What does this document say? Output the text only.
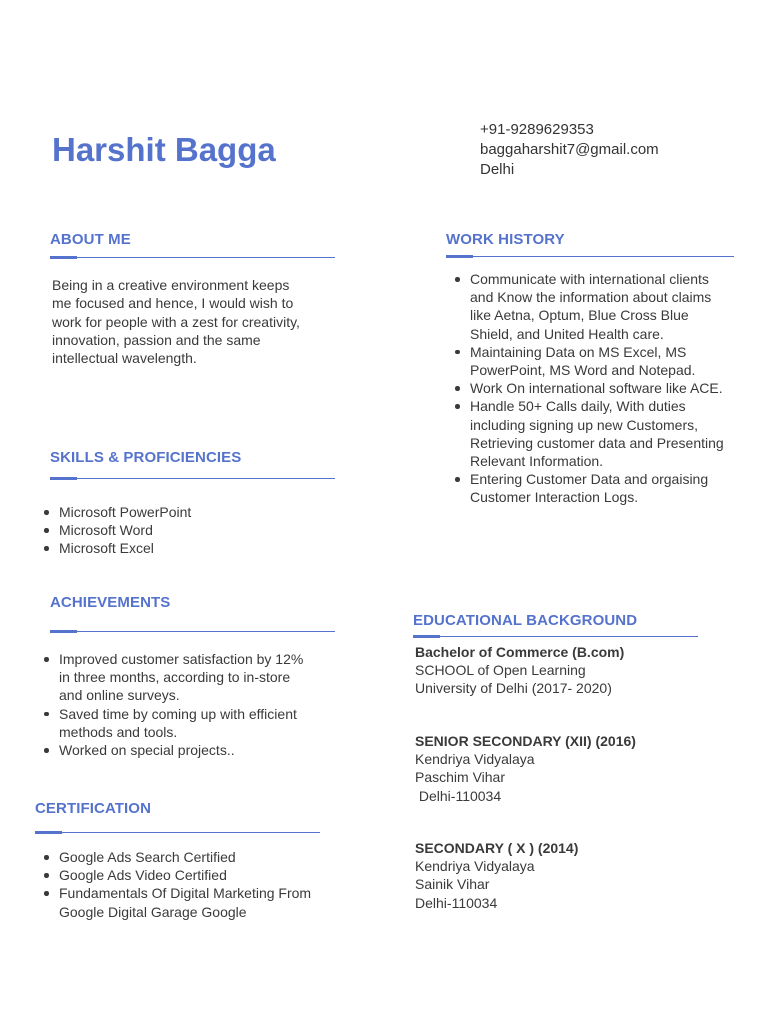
Harshit Bagga
+91-9289629353
baggaharshit7@gmail.com
Delhi
ABOUT ME
Being in a creative environment keeps
me focused and hence, I would wish to
work for people with a zest for creativity,
innovation, passion and the same
intellectual wavelength.
SKILLS & PROFICIENCIES
Microsoft PowerPoint
Microsoft Word
Microsoft Excel
ACHIEVEMENTS
Improved customer satisfaction by 12% in three months, according to in-store and online surveys.
Saved time by coming up with efficient methods and tools.
Worked on special projects..
CERTIFICATION
Google Ads Search Certified
Google Ads Video Certified
Fundamentals Of Digital Marketing From Google Digital Garage Google
WORK HISTORY
Communicate with international clients and Know the information about claims like Aetna, Optum, Blue Cross Blue Shield, and United Health care.
Maintaining Data on MS Excel, MS PowerPoint, MS Word and Notepad.
Work On international software like ACE.
Handle 50+ Calls daily, With duties including signing up new Customers, Retrieving customer data and Presenting Relevant Information.
Entering Customer Data and orgaising Customer Interaction Logs.
EDUCATIONAL BACKGROUND
Bachelor of Commerce (B.com)
SCHOOL of Open Learning
University of Delhi (2017- 2020)
SENIOR SECONDARY (XII) (2016)
Kendriya Vidyalaya
Paschim Vihar
Delhi-110034
SECONDARY ( X ) (2014)
Kendriya Vidyalaya
Sainik Vihar
Delhi-110034
